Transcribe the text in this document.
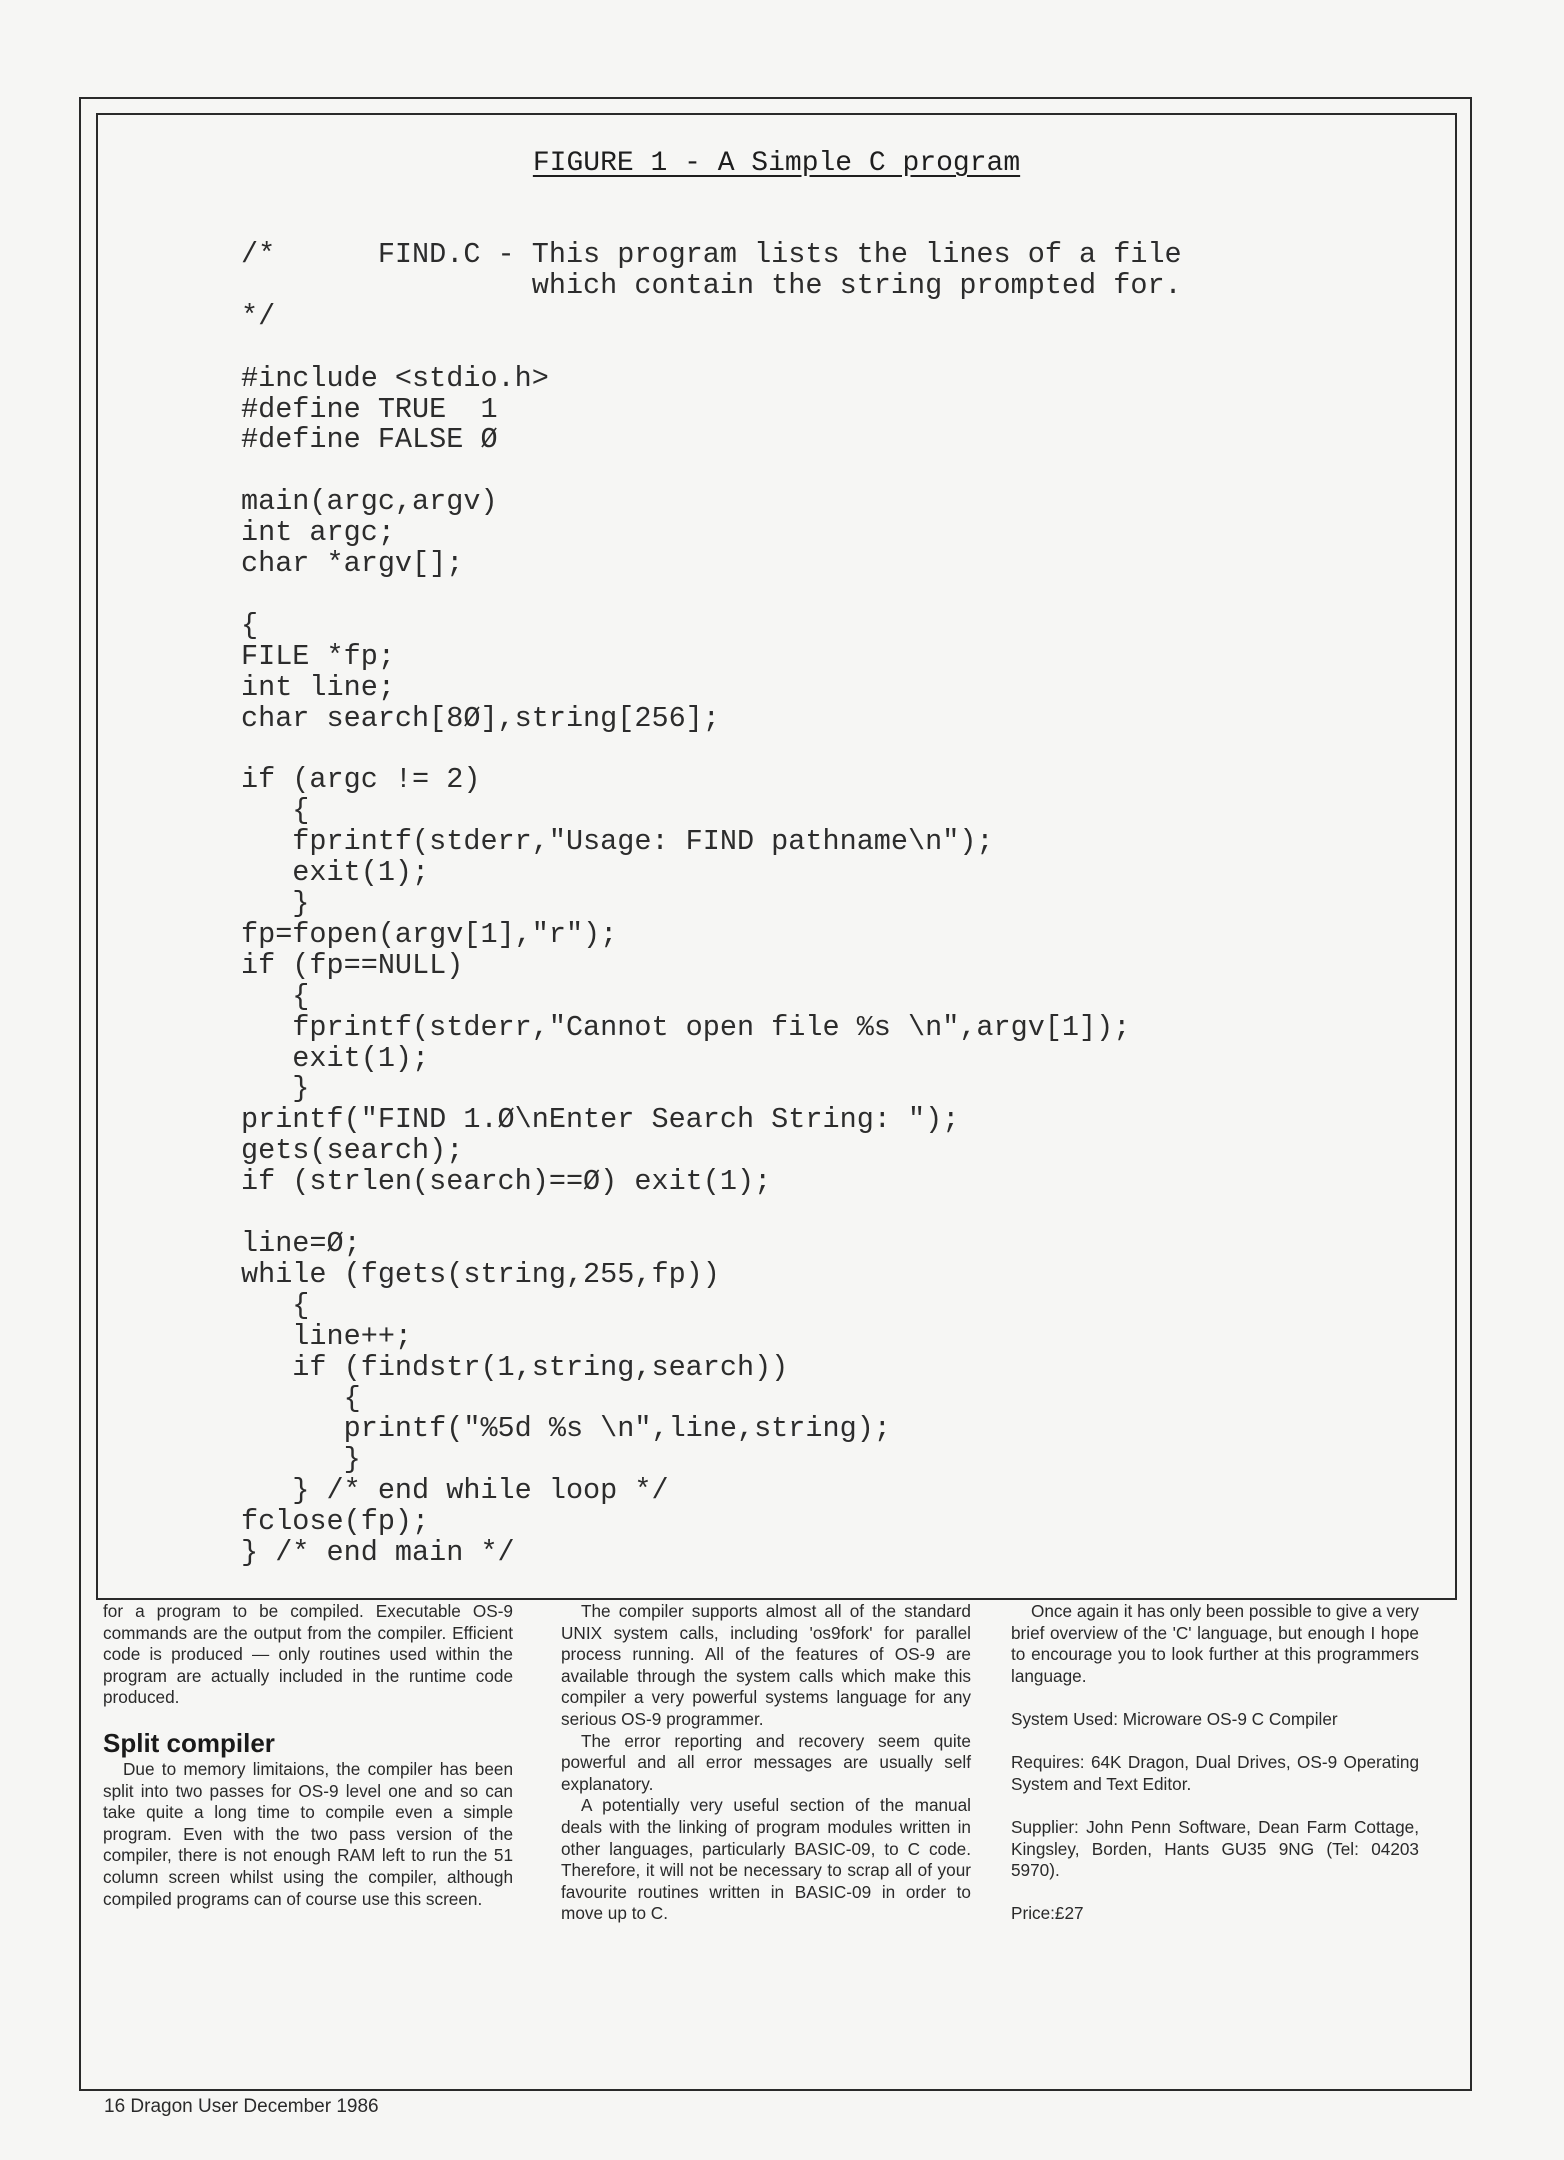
FIGURE 1 - A Simple C program
/*      FIND.C - This program lists the lines of a file
which contain the string prompted for.
*/

#include <stdio.h>
#define TRUE  1
#define FALSE Ø

main(argc,argv)
int argc;
char *argv[];

{
FILE *fp;
int line;
char search[8Ø],string[256];

if (argc != 2)
{
fprintf(stderr,"Usage: FIND pathname\n");
exit(1);
}
fp=fopen(argv[1],"r");
if (fp==NULL)
{
fprintf(stderr,"Cannot open file %s \n",argv[1]);
exit(1);
}
printf("FIND 1.Ø\nEnter Search String: ");
gets(search);
if (strlen(search)==Ø) exit(1);

line=Ø;
while (fgets(string,255,fp))
{
line++;
if (findstr(1,string,search))
{
printf("%5d %s \n",line,string);
}
} /* end while loop */
fclose(fp);
} /* end main */

for a program to be compiled. Executable OS-9 commands are the output from the compiler. Efficient code is produced — only routines used within the program are actually included in the runtime code produced.

Split compiler

Due to memory limitaions, the compiler has been split into two passes for OS-9 level one and so can take quite a long time to compile even a simple program. Even with the two pass version of the compiler, there is not enough RAM left to run the 51 column screen whilst using the compiler, although compiled programs can of course use this screen.

The compiler supports almost all of the standard UNIX system calls, including 'os9fork' for parallel process running. All of the features of OS-9 are available through the system calls which make this compiler a very powerful systems language for any serious OS-9 programmer.

The error reporting and recovery seem quite powerful and all error messages are usually self explanatory.

A potentially very useful section of the manual deals with the linking of program modules written in other languages, particularly BASIC-09, to C code. Therefore, it will not be necessary to scrap all of your favourite routines written in BASIC-09 in order to move up to C.

Once again it has only been possible to give a very brief overview of the 'C' language, but enough I hope to encourage you to look further at this programmers language.

System Used: Microware OS-9 C Compiler

Requires: 64K Dragon, Dual Drives, OS-9 Operating System and Text Editor.

Supplier: John Penn Software, Dean Farm Cottage, Kingsley, Borden, Hants GU35 9NG (Tel: 04203 5970).

Price:£27

16 Dragon User December 1986
